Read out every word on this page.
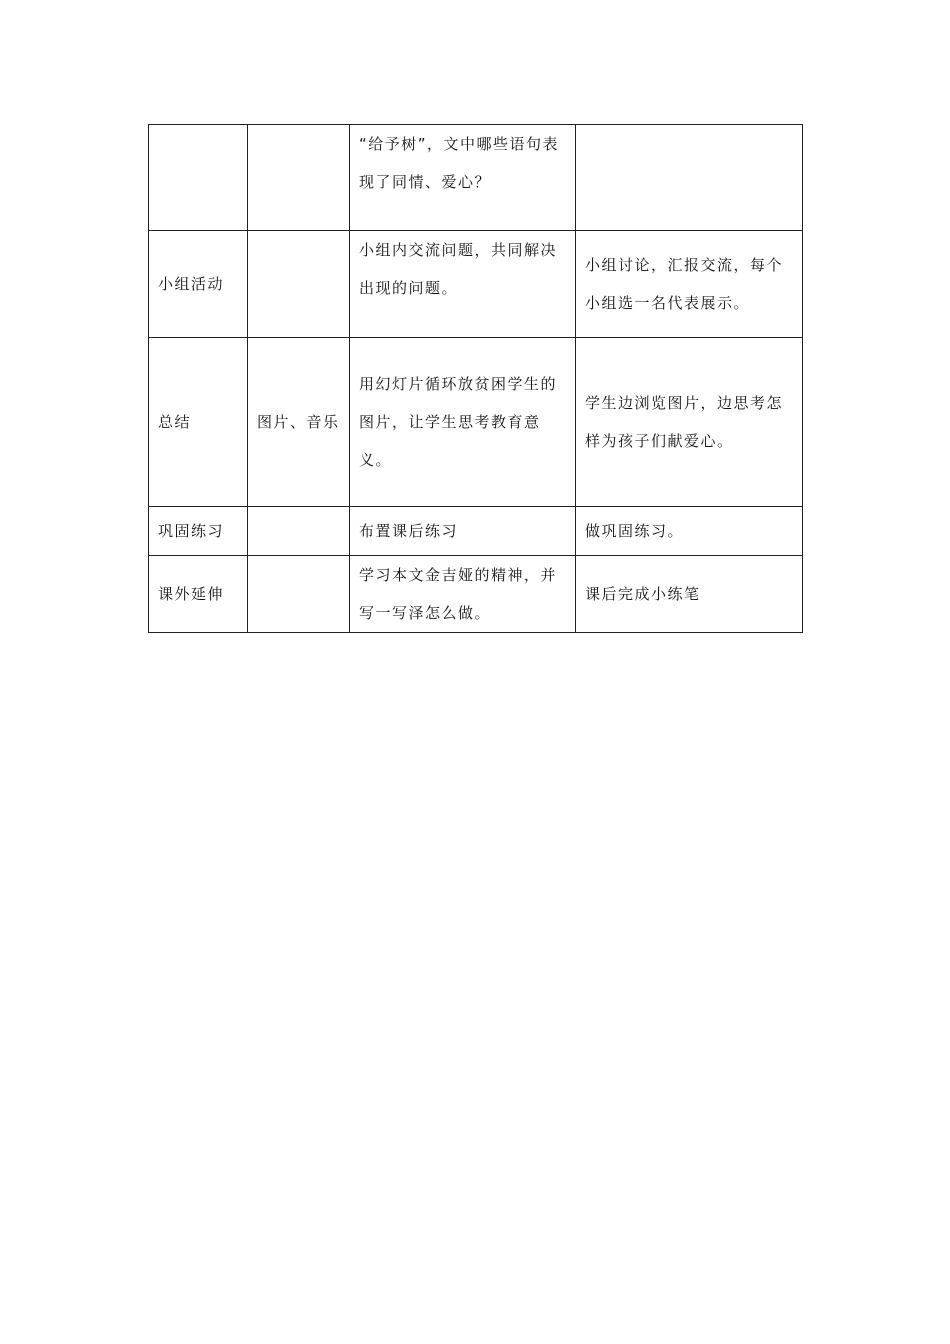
		“给予树”，文中哪些语句表现了同情、爱心？	
小组活动		小组内交流问题，共同解决出现的问题。	小组讨论，汇报交流，每个小组选一名代表展示。
总结	图片、音乐	用幻灯片循环放贫困学生的图片，让学生思考教育意义。	学生边浏览图片，边思考怎样为孩子们献爱心。
巩固练习		布置课后练习	做巩固练习。
课外延伸		学习本文金吉娅的精神，并写一写泽怎么做。	课后完成小练笔
